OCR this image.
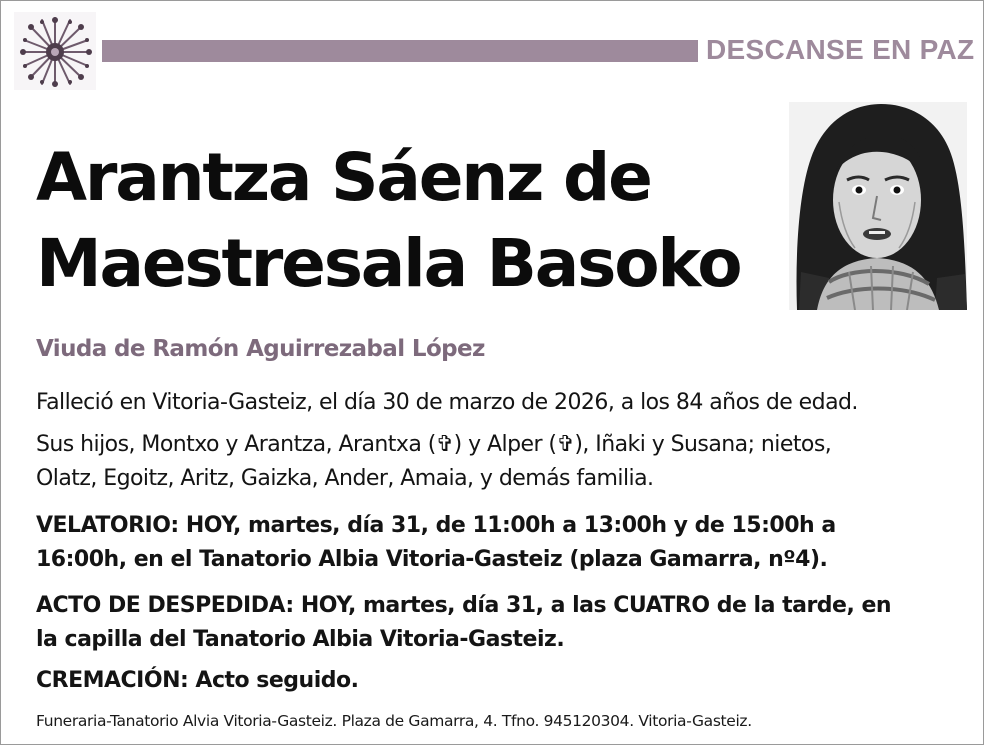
DESCANSE EN PAZ
Arantza Sáenz de
Maestresala Basoko
Viuda de Ramón Aguirrezabal López
Falleció en Vitoria-Gasteiz, el día 30 de marzo de 2026, a los 84 años de edad.
Sus hijos, Montxo y Arantza, Arantxa (✞) y Alper (✞), Iñaki y Susana; nietos,
Olatz, Egoitz, Aritz, Gaizka, Ander, Amaia, y demás familia.
VELATORIO: HOY, martes, día 31, de 11:00h a 13:00h y de 15:00h a
16:00h, en el Tanatorio Albia Vitoria-Gasteiz (plaza Gamarra, nº4).
ACTO DE DESPEDIDA: HOY, martes, día 31, a las CUATRO de la tarde, en
la capilla del Tanatorio Albia Vitoria-Gasteiz.
CREMACIÓN: Acto seguido.
Funeraria-Tanatorio Alvia Vitoria-Gasteiz. Plaza de Gamarra, 4. Tfno. 945120304. Vitoria-Gasteiz.
